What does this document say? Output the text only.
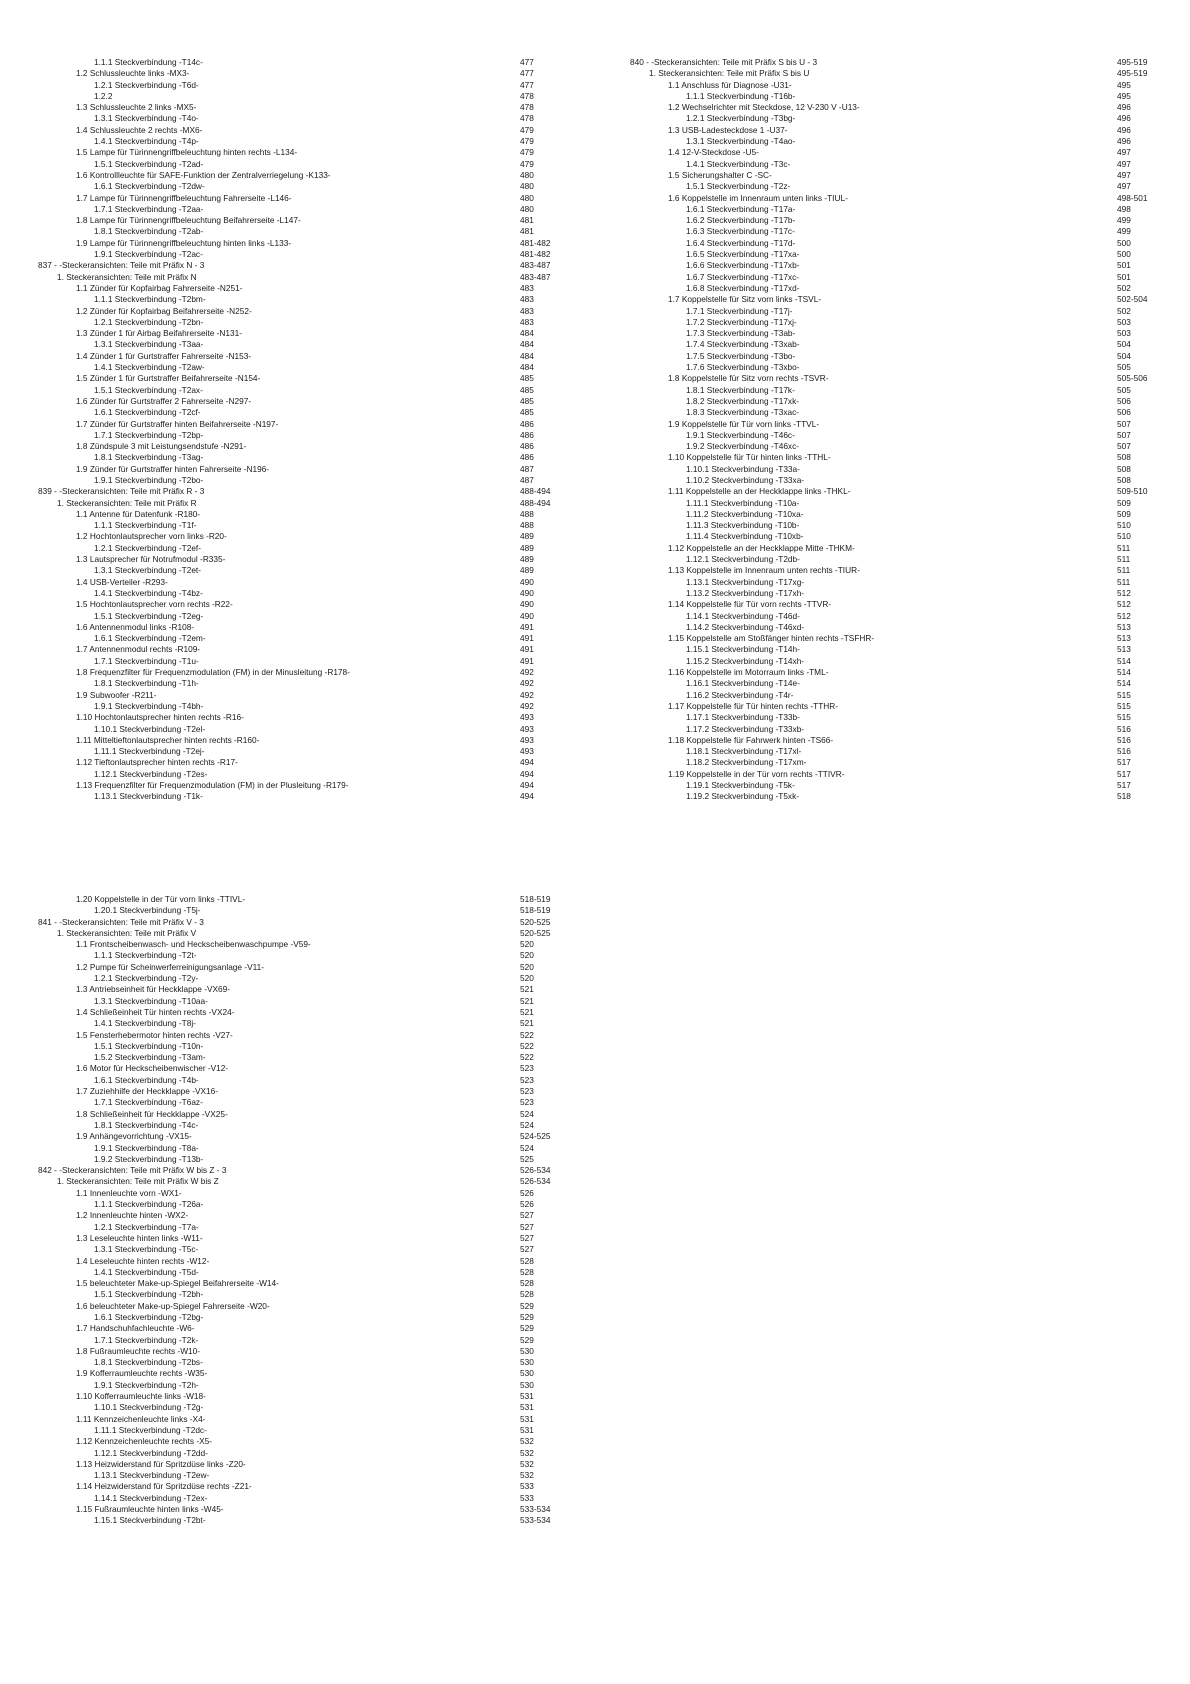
1.1.1 Steckverbindung -T14c-	477
1.2 Schlussleuchte links -MX3-	477
1.2.1 Steckverbindung -T6d-	477
1.2.2	478
1.3 Schlussleuchte 2 links -MX5-	478
1.3.1 Steckverbindung -T4o-	478
1.4 Schlussleuchte 2 rechts -MX6-	479
1.4.1 Steckverbindung -T4p-	479
1.5 Lampe für Türinnengriffbeleuchtung hinten rechts -L134-	479
1.5.1 Steckverbindung -T2ad-	479
1.6 Kontrollleuchte für SAFE-Funktion der Zentralverriegelung -K133-	480
1.6.1 Steckverbindung -T2dw-	480
1.7 Lampe für Türinnengriffbeleuchtung Fahrerseite -L146-	480
1.7.1 Steckverbindung -T2aa-	480
1.8 Lampe für Türinnengriffbeleuchtung Beifahrerseite -L147-	481
1.8.1 Steckverbindung -T2ab-	481
1.9 Lampe für Türinnengriffbeleuchtung hinten links -L133-	481-482
1.9.1 Steckverbindung -T2ac-	481-482
837 - -Steckeransichten: Teile mit Präfix N - 3	483-487
1. Steckeransichten: Teile mit Präfix N	483-487
1.1 Zünder für Kopfairbag Fahrerseite -N251-	483
1.1.1 Steckverbindung -T2bm-	483
1.2 Zünder für Kopfairbag Beifahrerseite -N252-	483
1.2.1 Steckverbindung -T2bn-	483
1.3 Zünder 1 für Airbag Beifahrerseite -N131-	484
1.3.1 Steckverbindung -T3aa-	484
1.4 Zünder 1 für Gurtstraffer Fahrerseite -N153-	484
1.4.1 Steckverbindung -T2aw-	484
1.5 Zünder 1 für Gurtstraffer Beifahrerseite -N154-	485
1.5.1 Steckverbindung -T2ax-	485
1.6 Zünder für Gurtstraffer 2 Fahrerseite -N297-	485
1.6.1 Steckverbindung -T2cf-	485
1.7 Zünder für Gurtstraffer hinten Beifahrerseite -N197-	486
1.7.1 Steckverbindung -T2bp-	486
1.8 Zündspule 3 mit Leistungsendstufe -N291-	486
1.8.1 Steckverbindung -T3ag-	486
1.9 Zünder für Gurtstraffer hinten Fahrerseite -N196-	487
1.9.1 Steckverbindung -T2bo-	487
839 - -Steckeransichten: Teile mit Präfix R - 3	488-494
1. Steckeransichten: Teile mit Präfix R	488-494
1.1 Antenne für Datenfunk -R180-	488
1.1.1 Steckverbindung -T1f-	488
1.2 Hochtonlautsprecher vorn links -R20-	489
1.2.1 Steckverbindung -T2ef-	489
1.3 Lautsprecher für Notrufmodul -R335-	489
1.3.1 Steckverbindung -T2et-	489
1.4 USB-Verteiler -R293-	490
1.4.1 Steckverbindung -T4bz-	490
1.5 Hochtonlautsprecher vorn rechts -R22-	490
1.5.1 Steckverbindung -T2eg-	490
1.6 Antennenmodul links -R108-	491
1.6.1 Steckverbindung -T2em-	491
1.7 Antennenmodul rechts -R109-	491
1.7.1 Steckverbindung -T1u-	491
1.8 Frequenzfilter für Frequenzmodulation (FM) in der Minusleitung -R178-	492
1.8.1 Steckverbindung -T1h-	492
1.9 Subwoofer -R211-	492
1.9.1 Steckverbindung -T4bh-	492
1.10 Hochtonlautsprecher hinten rechts -R16-	493
1.10.1 Steckverbindung -T2el-	493
1.11 Mitteltieftonlautsprecher hinten rechts -R160-	493
1.11.1 Steckverbindung -T2ej-	493
1.12 Tieftonlautsprecher hinten rechts -R17-	494
1.12.1 Steckverbindung -T2es-	494
1.13 Frequenzfilter für Frequenzmodulation (FM) in der Plusleitung -R179-	494
1.13.1 Steckverbindung -T1k-	494
840 - -Steckeransichten: Teile mit Präfix S bis U - 3	495-519
1. Steckeransichten: Teile mit Präfix S bis U	495-519
1.1 Anschluss für Diagnose -U31-	495
1.1.1 Steckverbindung -T16b-	495
1.2 Wechselrichter mit Steckdose, 12 V-230 V -U13-	496
1.2.1 Steckverbindung -T3bg-	496
1.3 USB-Ladesteckdose 1 -U37-	496
1.3.1 Steckverbindung -T4ao-	496
1.4 12-V-Steckdose -U5-	497
1.4.1 Steckverbindung -T3c-	497
1.5 Sicherungshalter C -SC-	497
1.5.1 Steckverbindung -T2z-	497
1.6 Koppelstelle im Innenraum unten links -TIUL-	498-501
1.6.1 Steckverbindung -T17a-	498
1.6.2 Steckverbindung -T17b-	499
1.6.3 Steckverbindung -T17c-	499
1.6.4 Steckverbindung -T17d-	500
1.6.5 Steckverbindung -T17xa-	500
1.6.6 Steckverbindung -T17xb-	501
1.6.7 Steckverbindung -T17xc-	501
1.6.8 Steckverbindung -T17xd-	502
1.7 Koppelstelle für Sitz vorn links -TSVL-	502-504
1.7.1 Steckverbindung -T17j-	502
1.7.2 Steckverbindung -T17xj-	503
1.7.3 Steckverbindung -T3ab-	503
1.7.4 Steckverbindung -T3xab-	504
1.7.5 Steckverbindung -T3bo-	504
1.7.6 Steckverbindung -T3xbo-	505
1.8 Koppelstelle für Sitz vorn rechts -TSVR-	505-506
1.8.1 Steckverbindung -T17k-	505
1.8.2 Steckverbindung -T17xk-	506
1.8.3 Steckverbindung -T3xac-	506
1.9 Koppelstelle für Tür vorn links -TTVL-	507
1.9.1 Steckverbindung -T46c-	507
1.9.2 Steckverbindung -T46xc-	507
1.10 Koppelstelle für Tür hinten links -TTHL-	508
1.10.1 Steckverbindung -T33a-	508
1.10.2 Steckverbindung -T33xa-	508
1.11 Koppelstelle an der Heckklappe links -THKL-	509-510
1.11.1 Steckverbindung -T10a-	509
1.11.2 Steckverbindung -T10xa-	509
1.11.3 Steckverbindung -T10b-	510
1.11.4 Steckverbindung -T10xb-	510
1.12 Koppelstelle an der Heckklappe Mitte -THKM-	511
1.12.1 Steckverbindung -T2db-	511
1.13 Koppelstelle im Innenraum unten rechts -TIUR-	511
1.13.1 Steckverbindung -T17xg-	511
1.13.2 Steckverbindung -T17xh-	512
1.14 Koppelstelle für Tür vorn rechts -TTVR-	512
1.14.1 Steckverbindung -T46d-	512
1.14.2 Steckverbindung -T46xd-	513
1.15 Koppelstelle am Stoßfänger hinten rechts -TSFHR-	513
1.15.1 Steckverbindung -T14h-	513
1.15.2 Steckverbindung -T14xh-	514
1.16 Koppelstelle im Motorraum links -TML-	514
1.16.1 Steckverbindung -T14e-	514
1.16.2 Steckverbindung -T4r-	515
1.17 Koppelstelle für Tür hinten rechts -TTHR-	515
1.17.1 Steckverbindung -T33b-	515
1.17.2 Steckverbindung -T33xb-	516
1.18 Koppelstelle für Fahrwerk hinten -TS66-	516
1.18.1 Steckverbindung -T17xl-	516
1.18.2 Steckverbindung -T17xm-	517
1.19 Koppelstelle in der Tür vorn rechts -TTIVR-	517
1.19.1 Steckverbindung -T5k-	517
1.19.2 Steckverbindung -T5xk-	518
1.20 Koppelstelle in der Tür vorn links -TTIVL-	518-519
1.20.1 Steckverbindung -T5j-	518-519
841 - -Steckeransichten: Teile mit Präfix V - 3	520-525
1. Steckeransichten: Teile mit Präfix V	520-525
1.1 Frontscheibenwasch- und Heckscheibenwaschpumpe -V59-	520
1.1.1 Steckverbindung -T2t-	520
1.2 Pumpe für Scheinwerferreinigungsanlage -V11-	520
1.2.1 Steckverbindung -T2y-	520
1.3 Antriebseinheit für Heckklappe -VX69-	521
1.3.1 Steckverbindung -T10aa-	521
1.4 Schließeinheit Tür hinten rechts -VX24-	521
1.4.1 Steckverbindung -T8j-	521
1.5 Fensterhebermotor hinten rechts -V27-	522
1.5.1 Steckverbindung -T10n-	522
1.5.2 Steckverbindung -T3am-	522
1.6 Motor für Heckscheibenwischer -V12-	523
1.6.1 Steckverbindung -T4b-	523
1.7 Zuziehhilfe der Heckklappe -VX16-	523
1.7.1 Steckverbindung -T6az-	523
1.8 Schließeinheit für Heckklappe -VX25-	524
1.8.1 Steckverbindung -T4c-	524
1.9 Anhängevorrichtung -VX15-	524-525
1.9.1 Steckverbindung -T8a-	524
1.9.2 Steckverbindung -T13b-	525
842 - -Steckeransichten: Teile mit Präfix W bis Z - 3	526-534
1. Steckeransichten: Teile mit Präfix W bis Z	526-534
1.1 Innenleuchte vorn -WX1-	526
1.1.1 Steckverbindung -T26a-	526
1.2 Innenleuchte hinten -WX2-	527
1.2.1 Steckverbindung -T7a-	527
1.3 Leseleuchte hinten links -W11-	527
1.3.1 Steckverbindung -T5c-	527
1.4 Leseleuchte hinten rechts -W12-	528
1.4.1 Steckverbindung -T5d-	528
1.5 beleuchteter Make-up-Spiegel Beifahrerseite -W14-	528
1.5.1 Steckverbindung -T2bh-	528
1.6 beleuchteter Make-up-Spiegel Fahrerseite -W20-	529
1.6.1 Steckverbindung -T2bg-	529
1.7 Handschuhfachleuchte -W6-	529
1.7.1 Steckverbindung -T2k-	529
1.8 Fußraumleuchte rechts -W10-	530
1.8.1 Steckverbindung -T2bs-	530
1.9 Kofferraumleuchte rechts -W35-	530
1.9.1 Steckverbindung -T2h-	530
1.10 Kofferraumleuchte links -W18-	531
1.10.1 Steckverbindung -T2g-	531
1.11 Kennzeichenleuchte links -X4-	531
1.11.1 Steckverbindung -T2dc-	531
1.12 Kennzeichenleuchte rechts -X5-	532
1.12.1 Steckverbindung -T2dd-	532
1.13 Heizwiderstand für Spritzdüse links -Z20-	532
1.13.1 Steckverbindung -T2ew-	532
1.14 Heizwiderstand für Spritzdüse rechts -Z21-	533
1.14.1 Steckverbindung -T2ex-	533
1.15 Fußraumleuchte hinten links -W45-	533-534
1.15.1 Steckverbindung -T2bt-	533-534
